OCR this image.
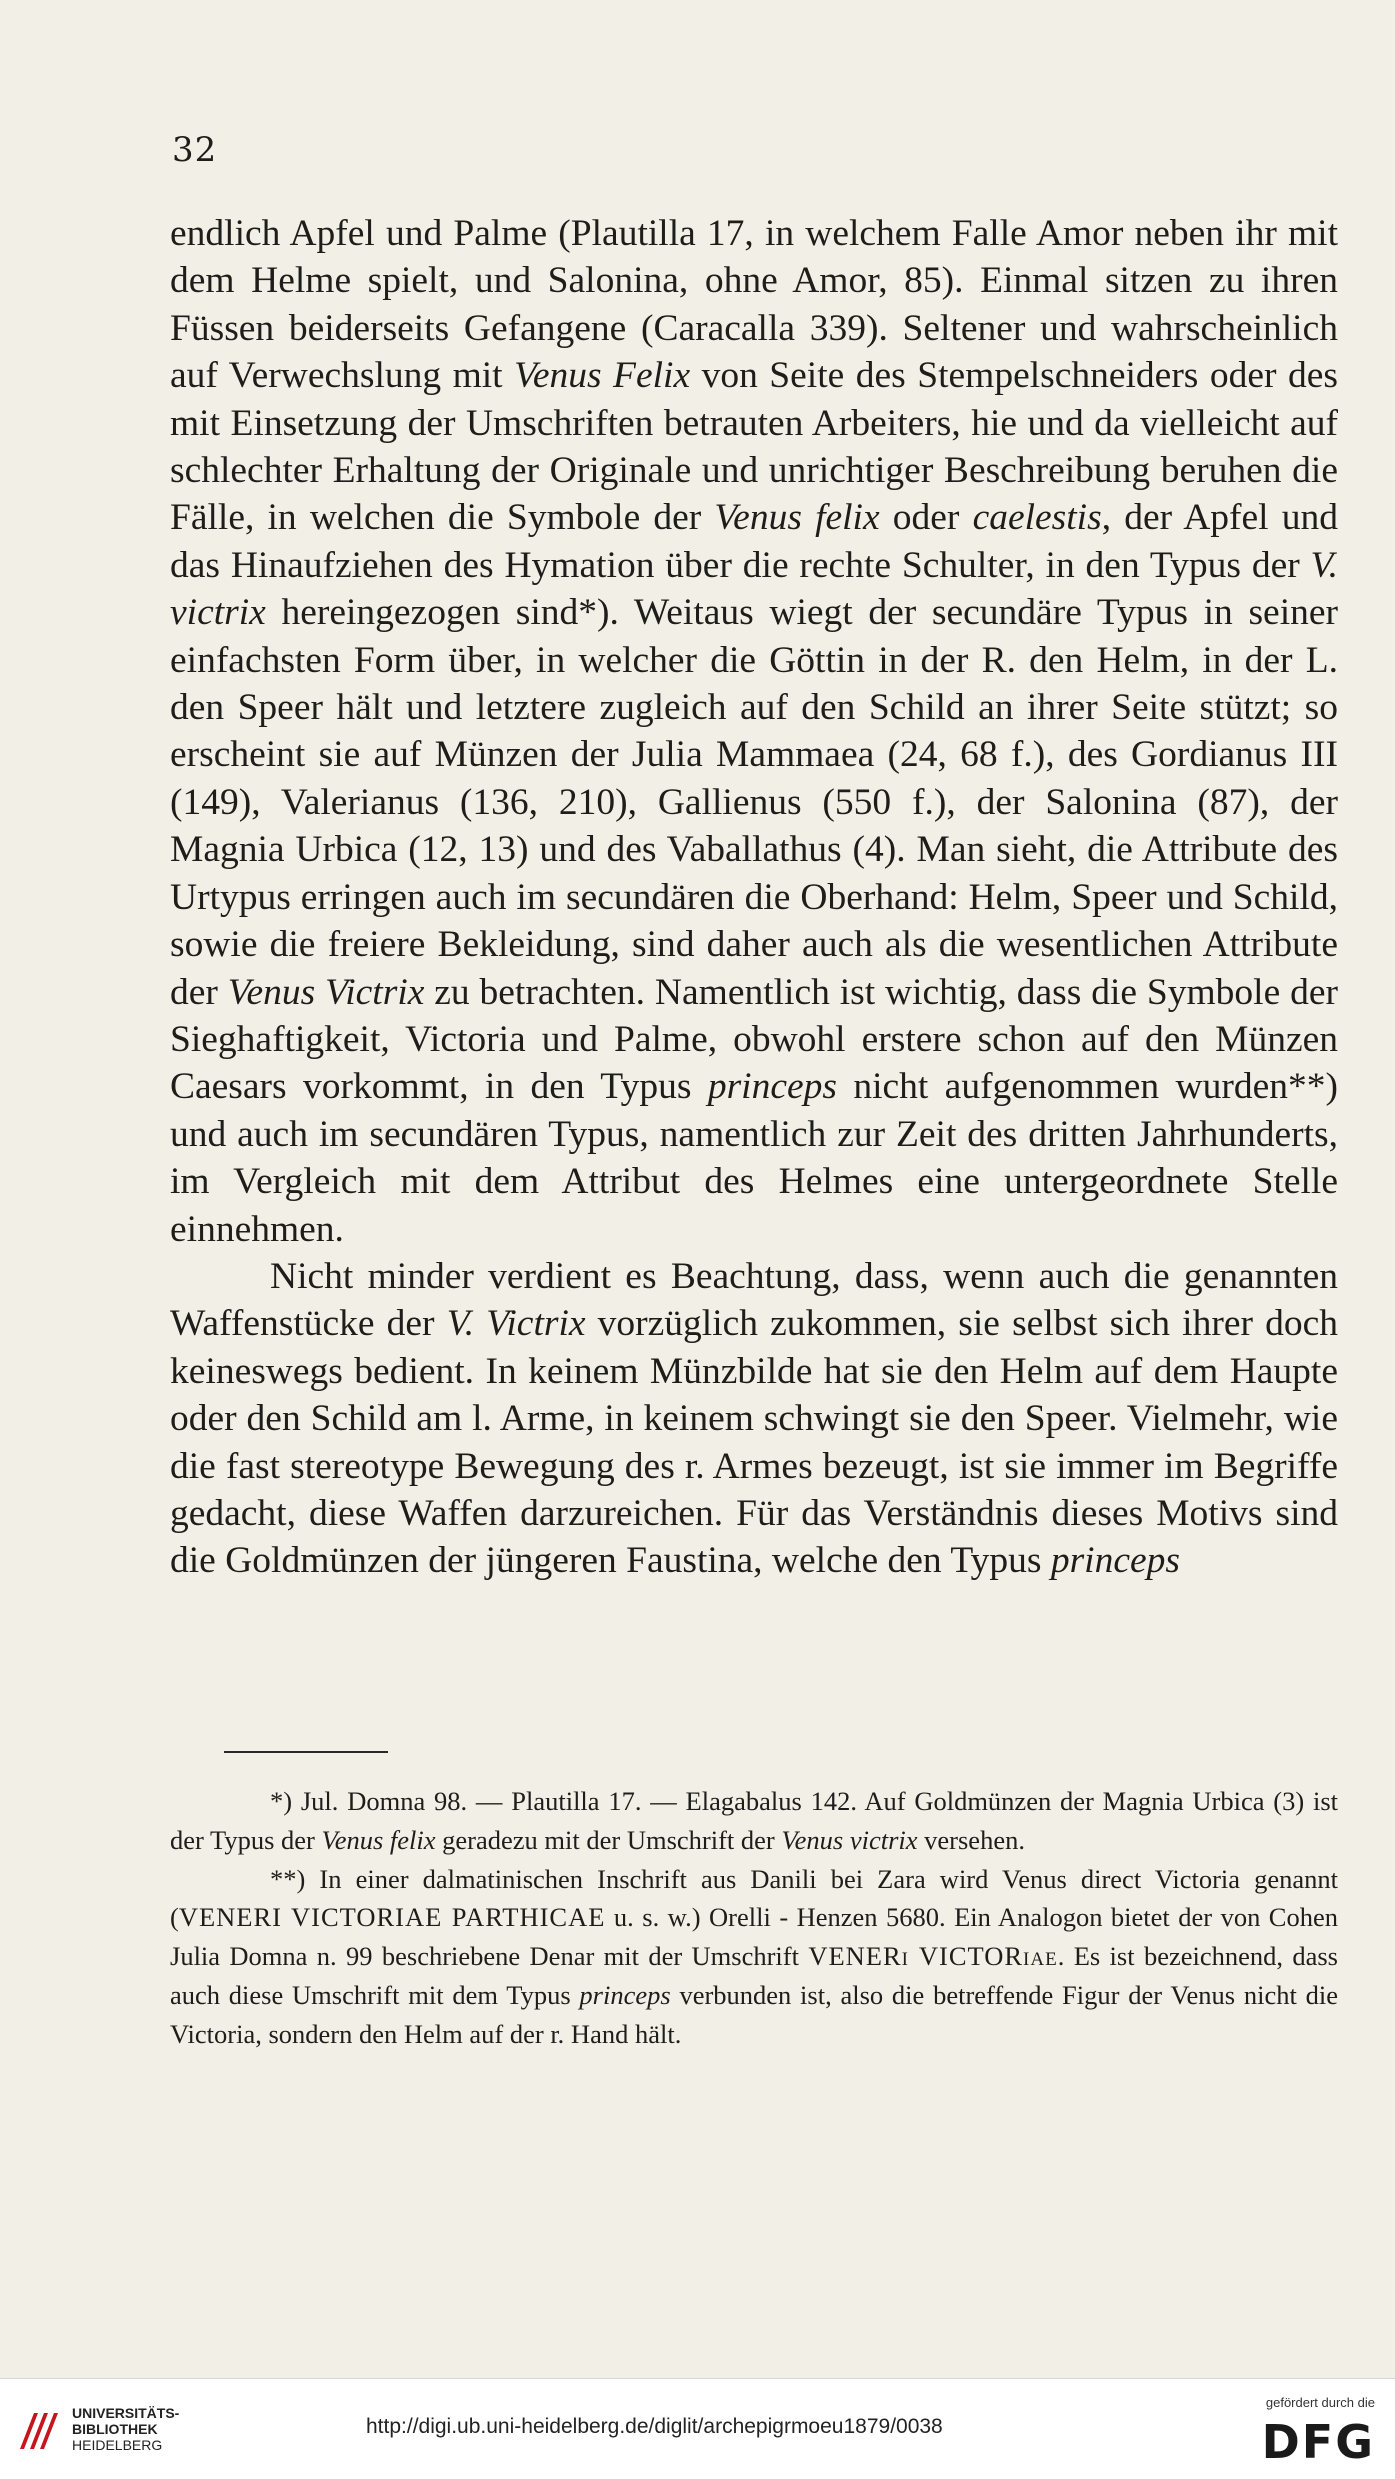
32

endlich Apfel und Palme (Plautilla 17, in welchem Falle Amor neben ihr mit dem Helme spielt, und Salonina, ohne Amor, 85). Einmal sitzen zu ihren Füssen beiderseits Gefangene (Caracalla 339). Seltener und wahrscheinlich auf Verwechslung mit Venus Felix von Seite des Stempelschneiders oder des mit Einsetzung der Umschriften betrauten Arbeiters, hie und da vielleicht auf schlechter Erhaltung der Originale und unrichtiger Beschreibung beruhen die Fälle, in welchen die Symbole der Venus felix oder caelestis, der Apfel und das Hinaufziehen des Hymation über die rechte Schulter, in den Typus der V. victrix hereingezogen sind*). Weitaus wiegt der secundäre Typus in seiner einfachsten Form über, in welcher die Göttin in der R. den Helm, in der L. den Speer hält und letztere zugleich auf den Schild an ihrer Seite stützt; so erscheint sie auf Münzen der Julia Mammaea (24, 68 f.), des Gordianus III (149), Valerianus (136, 210), Gallienus (550 f.), der Salonina (87), der Magnia Urbica (12, 13) und des Vaballathus (4). Man sieht, die Attribute des Urtypus erringen auch im secundären die Oberhand: Helm, Speer und Schild, sowie die freiere Bekleidung, sind daher auch als die wesentlichen Attribute der Venus Victrix zu betrachten. Namentlich ist wichtig, dass die Symbole der Sieghaftigkeit, Victoria und Palme, obwohl erstere schon auf den Münzen Caesars vorkommt, in den Typus princeps nicht aufgenommen wurden**) und auch im secundären Typus, namentlich zur Zeit des dritten Jahrhunderts, im Vergleich mit dem Attribut des Helmes eine untergeordnete Stelle einnehmen.

Nicht minder verdient es Beachtung, dass, wenn auch die genannten Waffenstücke der V. Victrix vorzüglich zukommen, sie selbst sich ihrer doch keineswegs bedient. In keinem Münzbilde hat sie den Helm auf dem Haupte oder den Schild am l. Arme, in keinem schwingt sie den Speer. Vielmehr, wie die fast stereotype Bewegung des r. Armes bezeugt, ist sie immer im Begriffe gedacht, diese Waffen darzureichen. Für das Verständnis dieses Motivs sind die Goldmünzen der jüngeren Faustina, welche den Typus princeps

*) Jul. Domna 98. — Plautilla 17. — Elagabalus 142. Auf Goldmünzen der Magnia Urbica (3) ist der Typus der Venus felix geradezu mit der Umschrift der Venus victrix versehen.

**) In einer dalmatinischen Inschrift aus Danili bei Zara wird Venus direct Victoria genannt (VENERI VICTORIAE PARTHICAE u. s. w.) Orelli - Henzen 5680. Ein Analogon bietet der von Cohen Julia Domna n. 99 beschriebene Denar mit der Umschrift VENERi VICTORiae. Es ist bezeichnend, dass auch diese Umschrift mit dem Typus princeps verbunden ist, also die betreffende Figur der Venus nicht die Victoria, sondern den Helm auf der r. Hand hält.

UNIVERSITÄTS-
BIBLIOTHEK
HEIDELBERG
http://digi.ub.uni-heidelberg.de/diglit/archepigrmoeu1879/0038
gefördert durch die
DFG
